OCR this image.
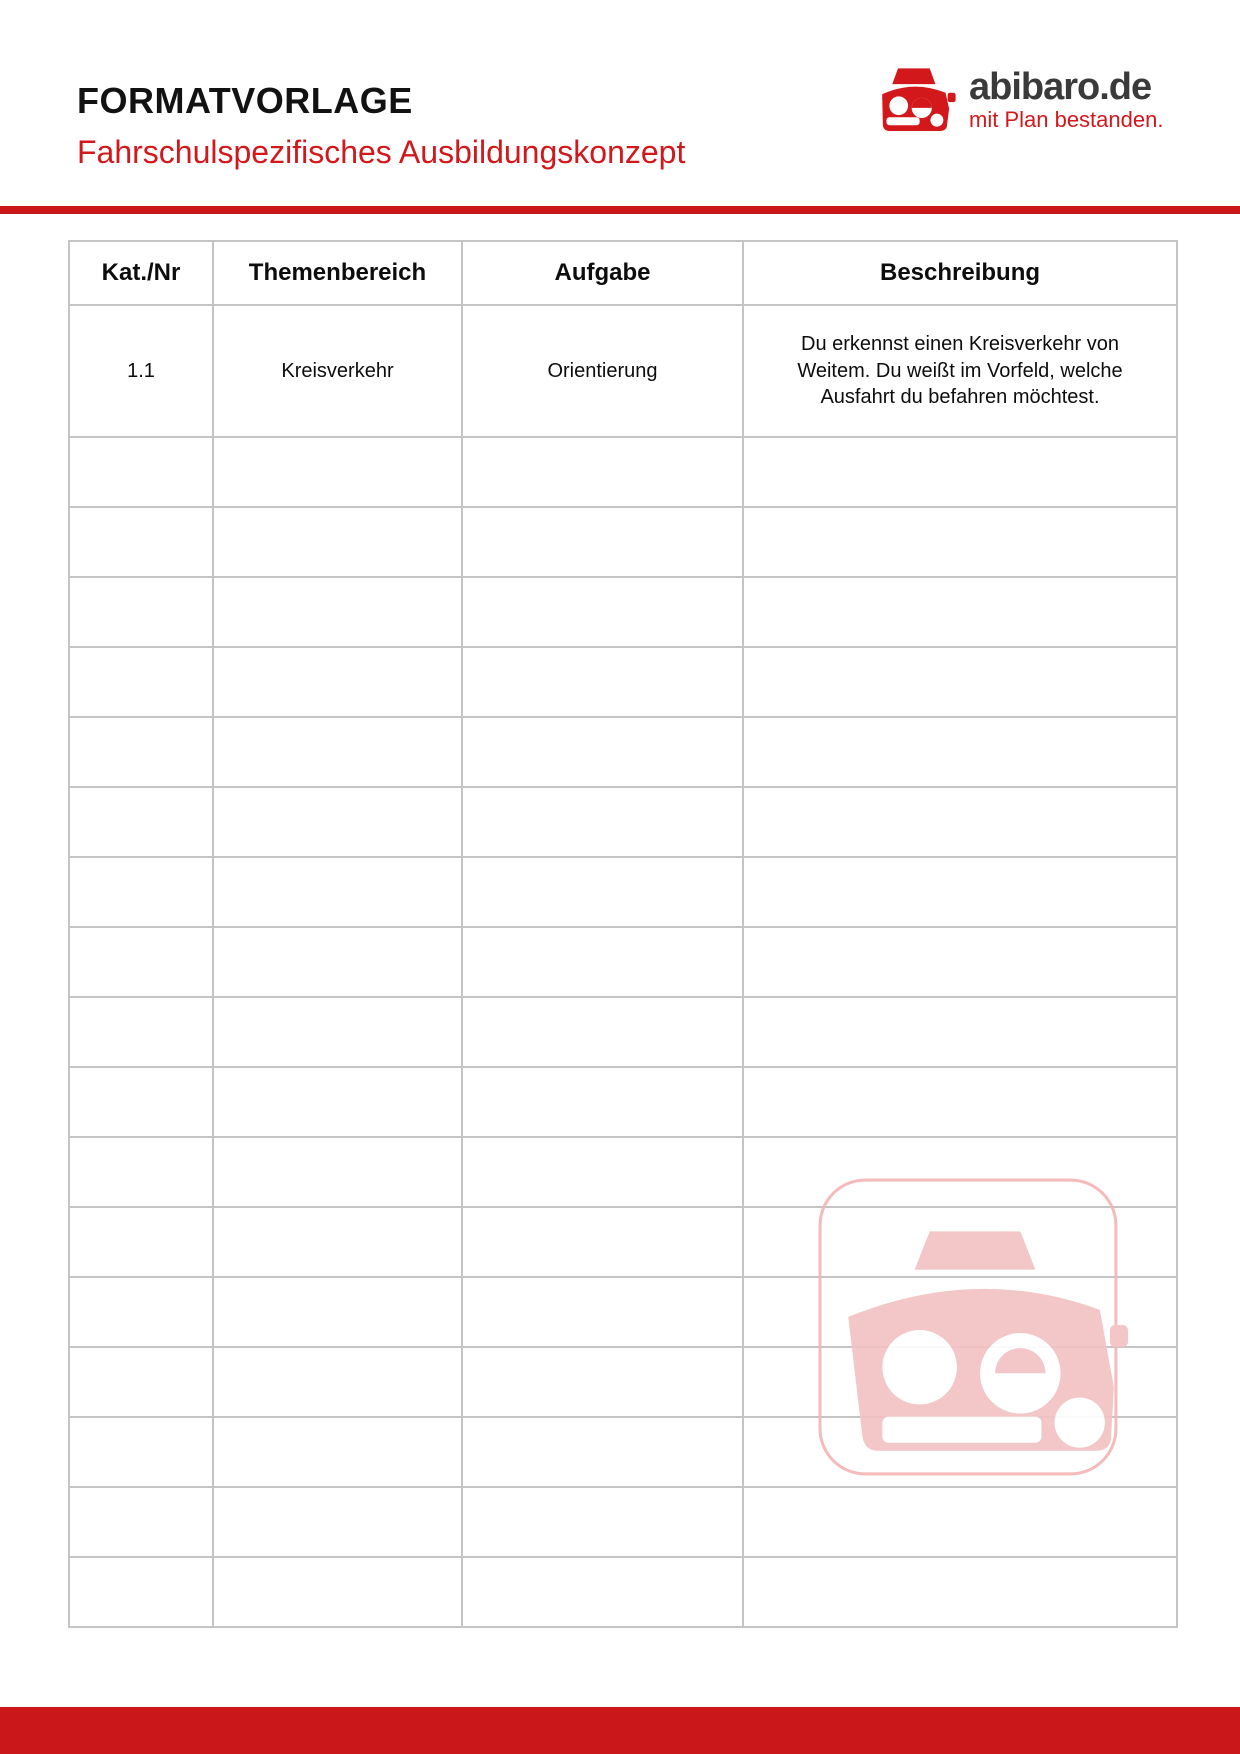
FORMATVORLAGE
Fahrschulspezifisches Ausbildungskonzept
abibaro.de
mit Plan bestanden.
Kat./Nr	Themenbereich	Aufgabe	Beschreibung
1.1	Kreisverkehr	Orientierung	Du erkennst einen Kreisverkehr von Weitem. Du weißt im Vorfeld, welche Ausfahrt du befahren möchtest.
